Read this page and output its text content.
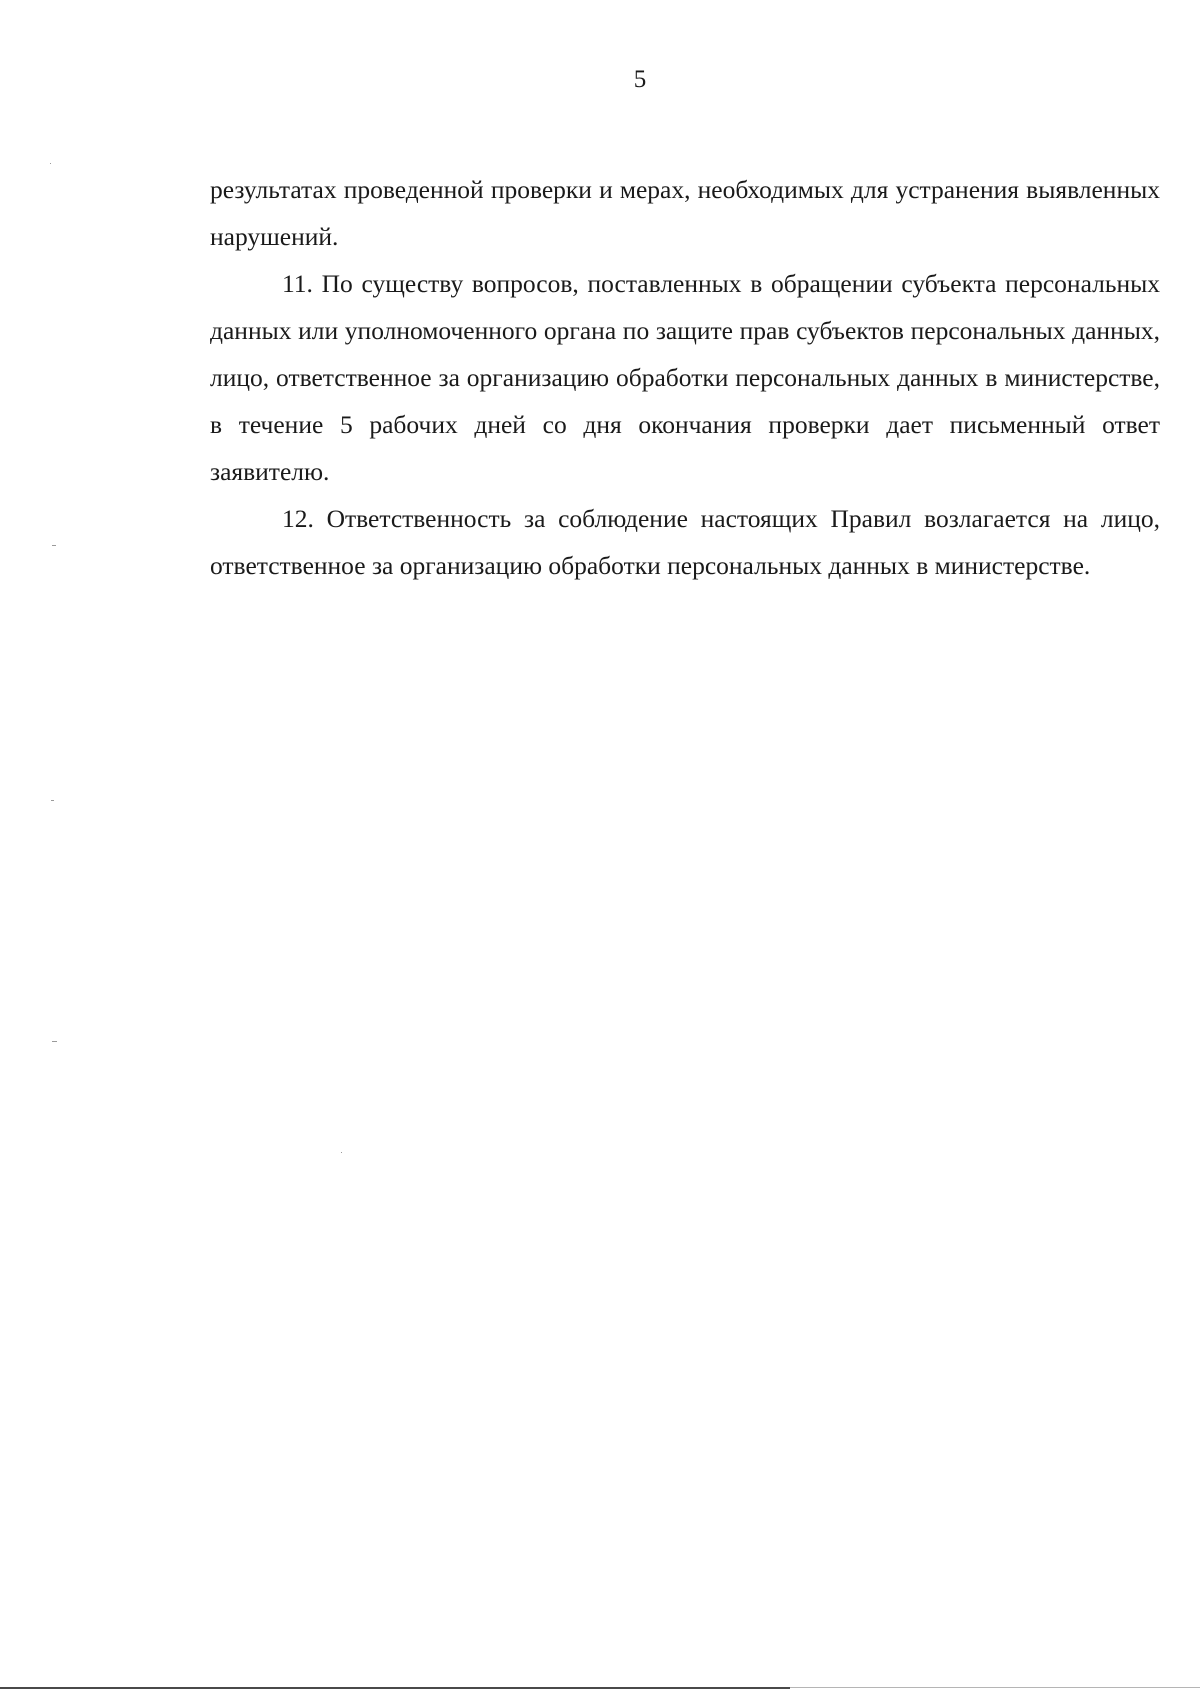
5

результатах проведенной проверки и мерах, необходимых для устранения выявленных нарушений.

11. По существу вопросов, поставленных в обращении субъекта персональных данных или уполномоченного органа по защите прав субъектов персональных данных, лицо, ответственное за организацию обработки персональных данных в министерстве, в течение 5 рабочих дней со дня окончания проверки дает письменный ответ заявителю.

12. Ответственность за соблюдение настоящих Правил возлагается на лицо, ответственное за организацию обработки персональных данных в министерстве.
